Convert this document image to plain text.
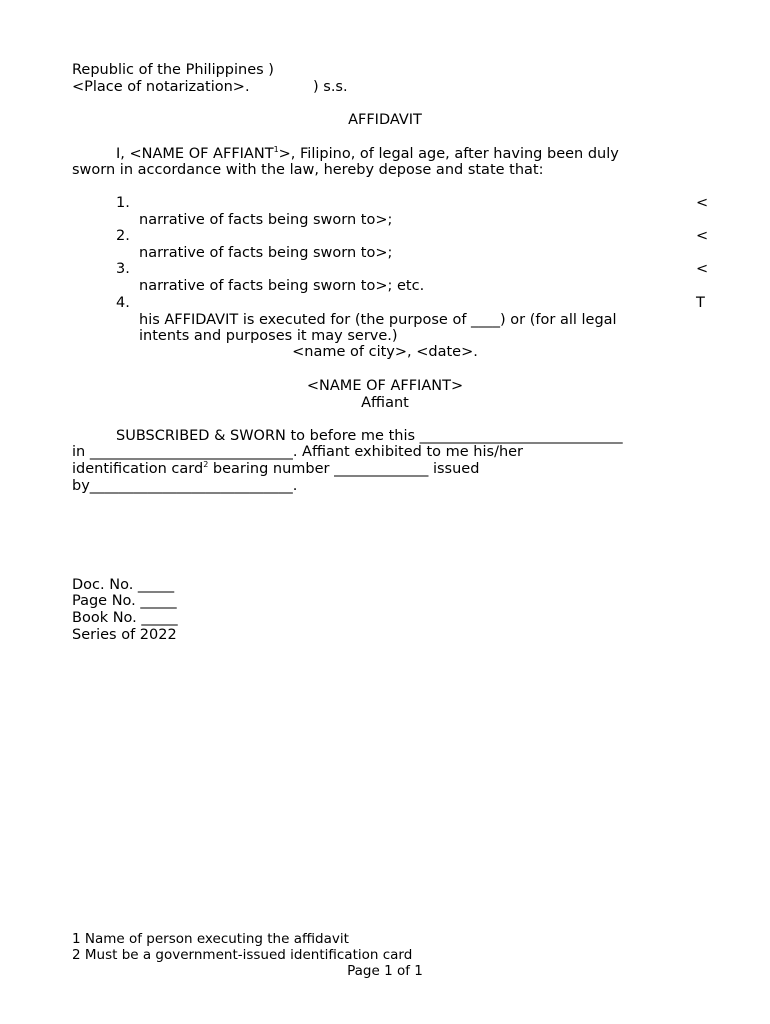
Republic of the Philippines )
<Place of notarization>.	) s.s.
AFFIDAVIT
I, <NAME OF $AFFIANT^1>$, Filipino, of legal age, after having been duly
sworn in accordance with the law, hereby depose and state that:
1.	<
narrative of facts being sworn to>;
2.	<
narrative of facts being sworn to>;
3.	<
narrative of facts being sworn to>; etc.
4.	T
his AFFIDAVIT is executed for (the purpose of ____) or (for all legal
intents and purposes it may serve.)
<name of city>, <date>.
<NAME OF AFFIANT>
Affiant
SUBSCRIBED & SWORN to before me this ____________________________
in ____________________________. Affiant exhibited to me his/her
identification card$^2$ bearing number _____________ issued
by____________________________.
Doc. No. _____
Page No. _____
Book No. _____
Series of 2022
1 Name of person executing the affidavit
2 Must be a government-issued identification card
Page 1 of 1
